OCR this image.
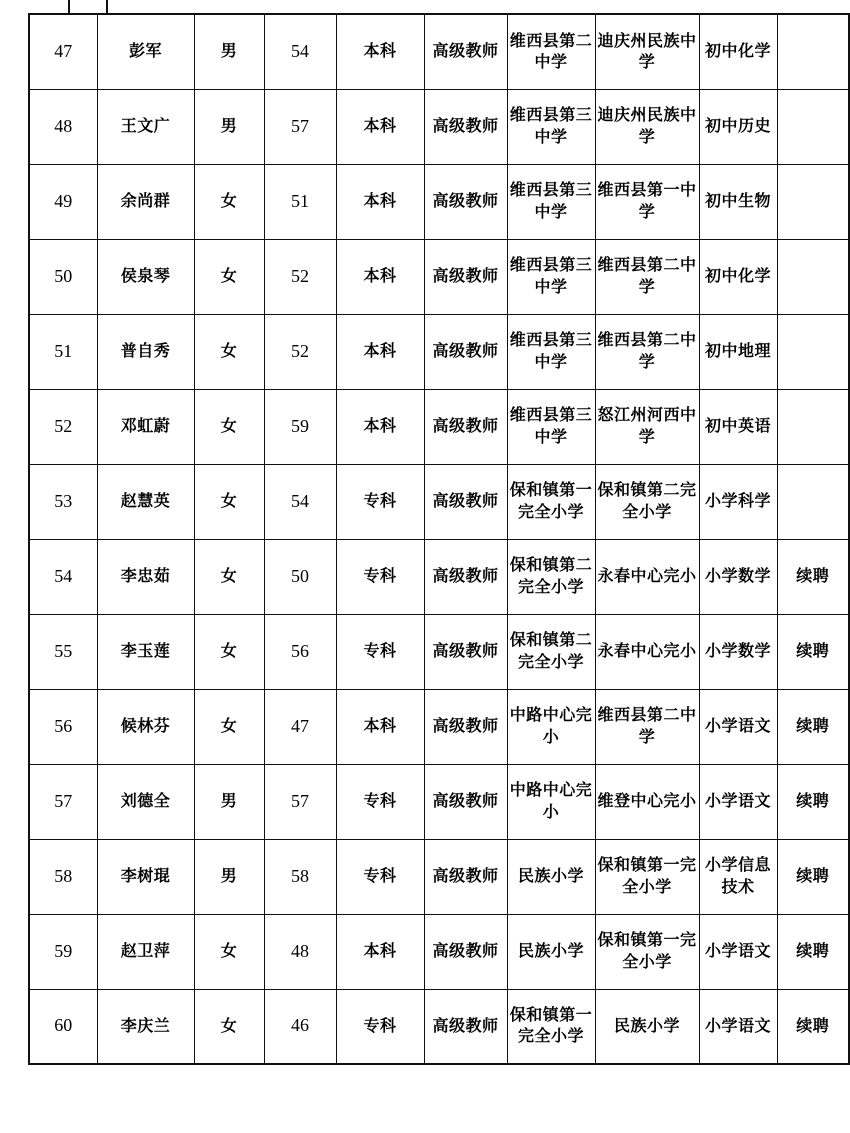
47	彭军	男	54	本科	高级教师	维西县第二中学	迪庆州民族中学	初中化学	
48	王文广	男	57	本科	高级教师	维西县第三中学	迪庆州民族中学	初中历史	
49	余尚群	女	51	本科	高级教师	维西县第三中学	维西县第一中学	初中生物	
50	侯泉琴	女	52	本科	高级教师	维西县第三中学	维西县第二中学	初中化学	
51	普自秀	女	52	本科	高级教师	维西县第三中学	维西县第二中学	初中地理	
52	邓虹蔚	女	59	本科	高级教师	维西县第三中学	怒江州河西中学	初中英语	
53	赵慧英	女	54	专科	高级教师	保和镇第一完全小学	保和镇第二完全小学	小学科学	
54	李忠茹	女	50	专科	高级教师	保和镇第二完全小学	永春中心完小	小学数学	续聘
55	李玉莲	女	56	专科	高级教师	保和镇第二完全小学	永春中心完小	小学数学	续聘
56	候林芬	女	47	本科	高级教师	中路中心完小	维西县第二中学	小学语文	续聘
57	刘德全	男	57	专科	高级教师	中路中心完小	维登中心完小	小学语文	续聘
58	李树琨	男	58	专科	高级教师	民族小学	保和镇第一完全小学	小学信息技术	续聘
59	赵卫萍	女	48	本科	高级教师	民族小学	保和镇第一完全小学	小学语文	续聘
60	李庆兰	女	46	专科	高级教师	保和镇第一完全小学	民族小学	小学语文	续聘
